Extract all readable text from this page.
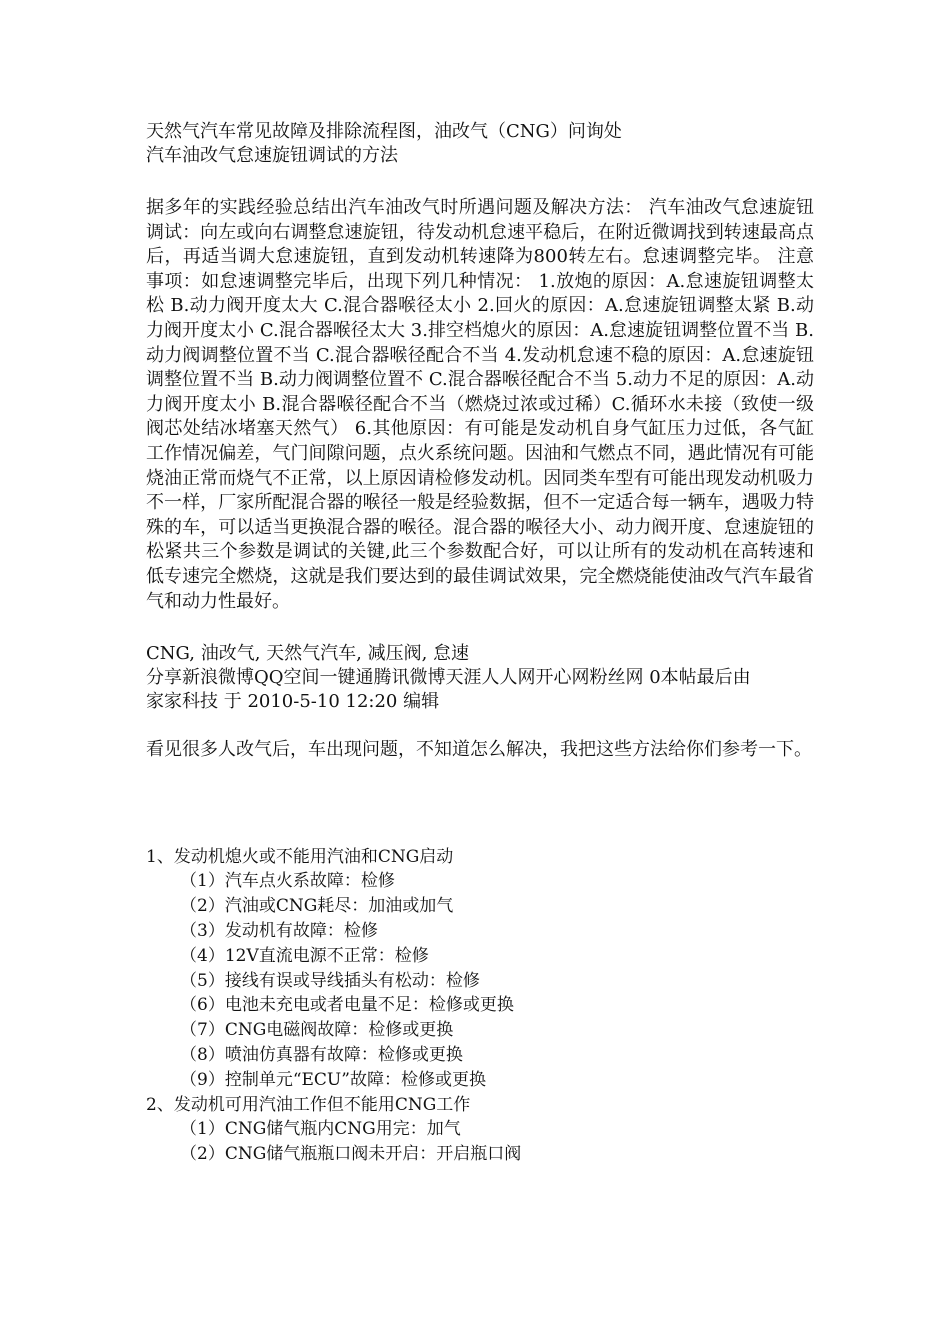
天然气汽车常见故障及排除流程图，油改气（CNG）问询处

汽车油改气怠速旋钮调试的方法

据多年的实践经验总结出汽车油改气时所遇问题及解决方法： 汽车油改气怠速旋钮调试：向左或向右调整怠速旋钮，待发动机怠速平稳后，在附近微调找到转速最高点后，再适当调大怠速旋钮，直到发动机转速降为800转左右。怠速调整完毕。 注意事项：如怠速调整完毕后，出现下列几种情况： 1.放炮的原因：A.怠速旋钮调整太松 B.动力阀开度太大 C.混合器喉径太小 2.回火的原因：A.怠速旋钮调整太紧 B.动力阀开度太小 C.混合器喉径太大 3.排空档熄火的原因：A.怠速旋钮调整位置不当 B.动力阀调整位置不当 C.混合器喉径配合不当 4.发动机怠速不稳的原因：A.怠速旋钮调整位置不当 B.动力阀调整位置不 C.混合器喉径配合不当 5.动力不足的原因：A.动力阀开度太小 B.混合器喉径配合不当（燃烧过浓或过稀）C.循环水未接（致使一级阀芯处结冰堵塞天然气） 6.其他原因：有可能是发动机自身气缸压力过低，各气缸工作情况偏差，气门间隙问题，点火系统问题。因油和气燃点不同，遇此情况有可能烧油正常而烧气不正常，以上原因请检修发动机。因同类车型有可能出现发动机吸力不一样，厂家所配混合器的喉径一般是经验数据，但不一定适合每一辆车，遇吸力特殊的车，可以适当更换混合器的喉径。混合器的喉径大小、动力阀开度、怠速旋钮的松紧共三个参数是调试的关键,此三个参数配合好，可以让所有的发动机在高转速和低专速完全燃烧，这就是我们要达到的最佳调试效果，完全燃烧能使油改气汽车最省气和动力性最好。

CNG, 油改气, 天然气汽车, 减压阀, 怠速

分享新浪微博QQ空间一键通腾讯微博天涯人人网开心网粉丝网 0本帖最后由

家家科技 于 2010-5-10 12:20 编辑

看见很多人改气后，车出现问题，不知道怎么解决，我把这些方法给你们参考一下。

1、发动机熄火或不能用汽油和CNG启动

（1）汽车点火系故障：检修

（2）汽油或CNG耗尽：加油或加气

（3）发动机有故障：检修

（4）12V直流电源不正常：检修

（5）接线有误或导线插头有松动：检修

（6）电池未充电或者电量不足：检修或更换

（7）CNG电磁阀故障：检修或更换

（8）喷油仿真器有故障：检修或更换

（9）控制单元“ECU”故障：检修或更换

2、发动机可用汽油工作但不能用CNG工作

（1）CNG储气瓶内CNG用完：加气

（2）CNG储气瓶瓶口阀未开启：开启瓶口阀
